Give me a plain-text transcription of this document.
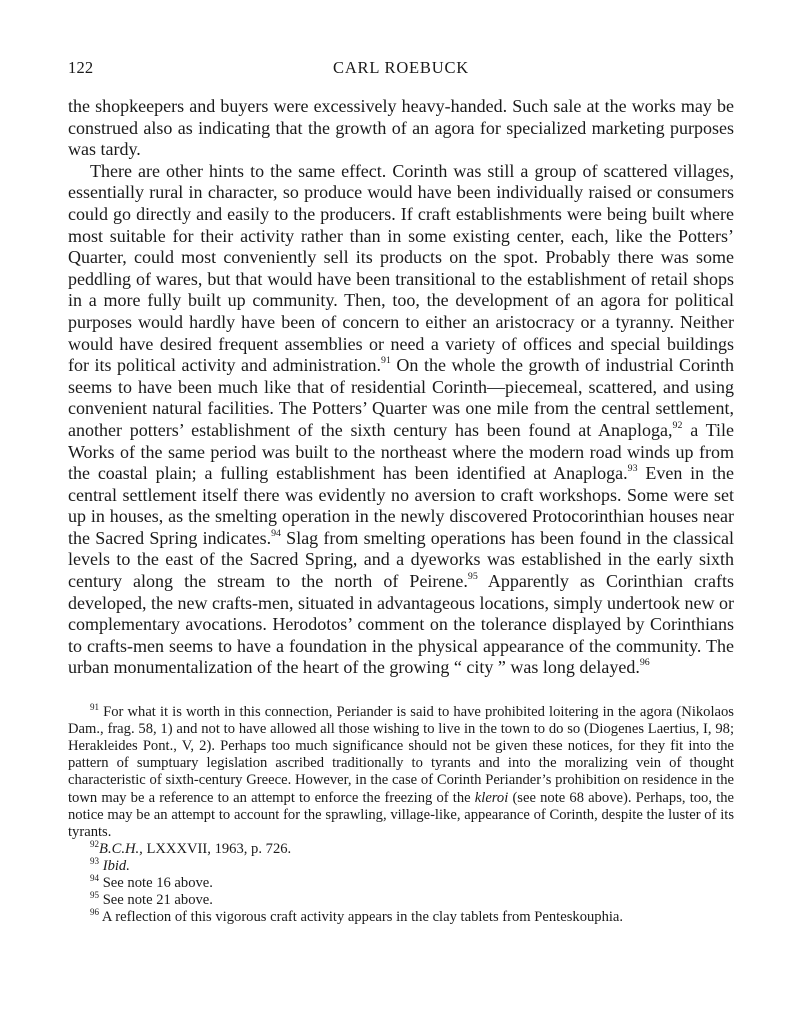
122	CARL ROEBUCK

the shopkeepers and buyers were excessively heavy-handed. Such sale at the works may be construed also as indicating that the growth of an agora for specialized marketing purposes was tardy.

There are other hints to the same effect. Corinth was still a group of scattered villages, essentially rural in character, so produce would have been individually raised or consumers could go directly and easily to the producers. If craft establishments were being built where most suitable for their activity rather than in some existing center, each, like the Potters’ Quarter, could most conveniently sell its products on the spot. Probably there was some peddling of wares, but that would have been transitional to the establishment of retail shops in a more fully built up community. Then, too, the development of an agora for political purposes would hardly have been of concern to either an aristocracy or a tyranny. Neither would have desired frequent assemblies or need a variety of offices and special buildings for its political activity and administration.$^{91}$ On the whole the growth of industrial Corinth seems to have been much like that of residential Corinth—piecemeal, scattered, and using convenient natural facilities. The Potters’ Quarter was one mile from the central settlement, another potters’ establishment of the sixth century has been found at Anaploga,$^{92}$ a Tile Works of the same period was built to the northeast where the modern road winds up from the coastal plain; a fulling establishment has been identified at Anaploga.$^{93}$ Even in the central settlement itself there was evidently no aversion to craft workshops. Some were set up in houses, as the smelting operation in the newly discovered Protocorinthian houses near the Sacred Spring indicates.$^{94}$ Slag from smelting operations has been found in the classical levels to the east of the Sacred Spring, and a dyeworks was established in the early sixth century along the stream to the north of Peirene.$^{95}$ Apparently as Corinthian crafts developed, the new crafts-men, situated in advantageous locations, simply undertook new or complementary avocations. Herodotos’ comment on the tolerance displayed by Corinthians to crafts-men seems to have a foundation in the physical appearance of the community. The urban monumentalization of the heart of the growing “ city ” was long delayed.$^{96}$

$^{91}$ For what it is worth in this connection, Periander is said to have prohibited loitering in the agora (Nikolaos Dam., frag. 58, 1) and not to have allowed all those wishing to live in the town to do so (Diogenes Laertius, I, 98; Herakleides Pont., V, 2). Perhaps too much significance should not be given these notices, for they fit into the pattern of sumptuary legislation ascribed traditionally to tyrants and into the moralizing vein of thought characteristic of sixth-century Greece. However, in the case of Corinth Periander’s prohibition on residence in the town may be a reference to an attempt to enforce the freezing of the kleroi (see note 68 above). Perhaps, too, the notice may be an attempt to account for the sprawling, village-like, appearance of Corinth, despite the luster of its tyrants.

$^{92}$B.C.H., LXXXVII, 1963, p. 726.

$^{93}$ Ibid.

$^{94}$ See note 16 above.

$^{95}$ See note 21 above.

$^{96}$ A reflection of this vigorous craft activity appears in the clay tablets from Penteskouphia.
